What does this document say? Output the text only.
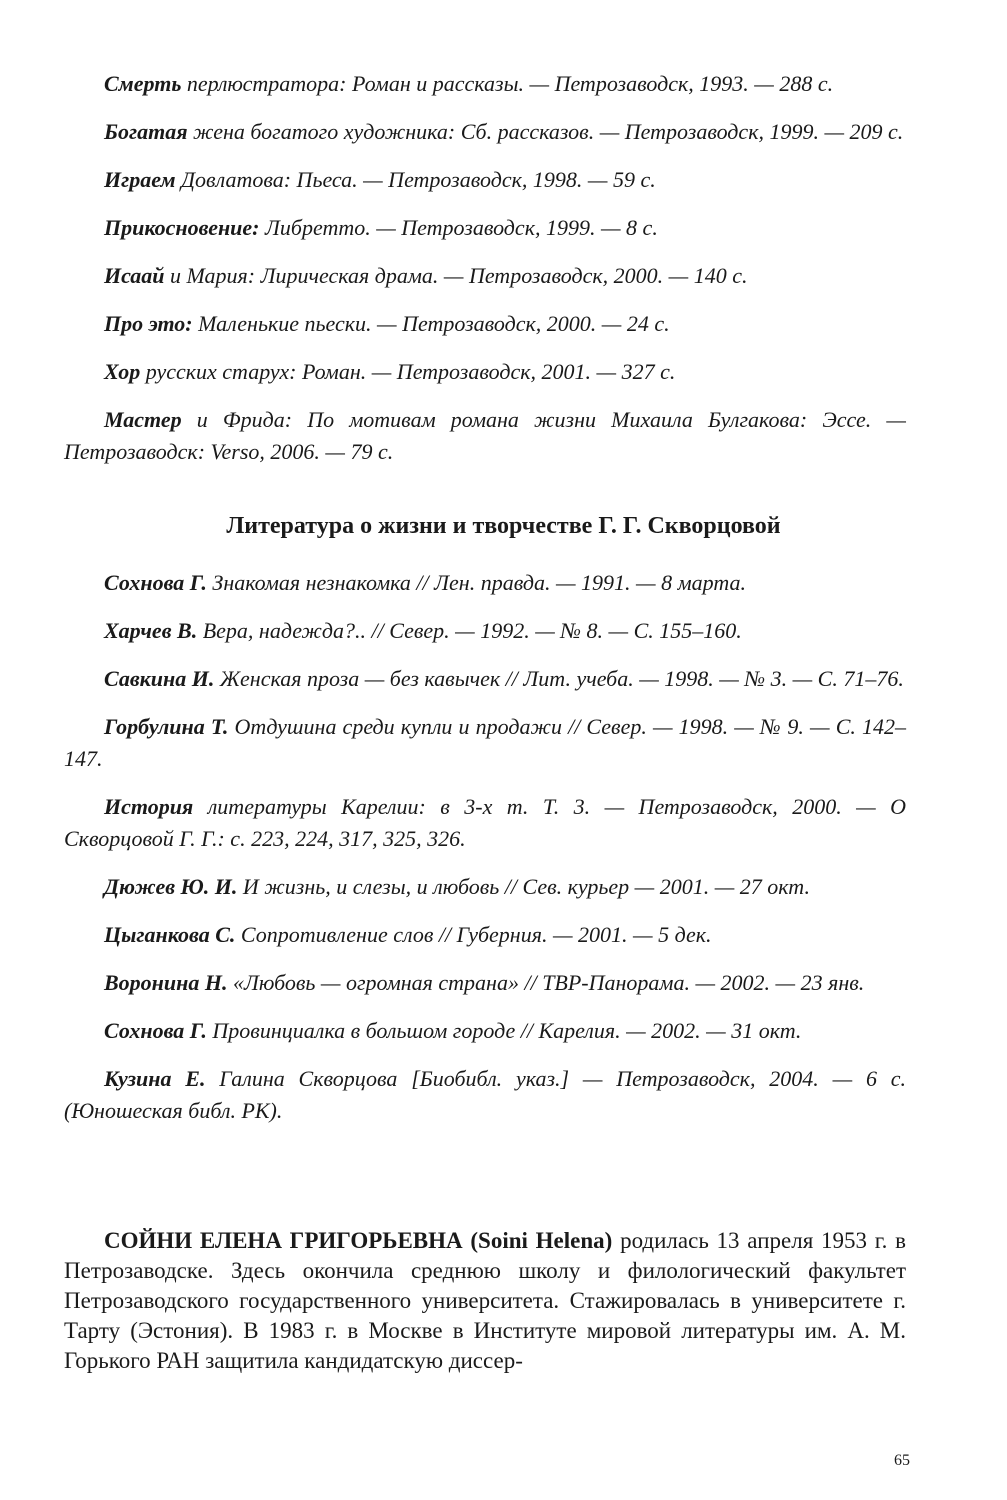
Смерть перлюстратора: Роман и рассказы. — Петрозаводск, 1993. — 288 с.

Богатая жена богатого художника: Сб. рассказов. — Петрозаводск, 1999. — 209 с.

Играем Довлатова: Пьеса. — Петрозаводск, 1998. — 59 с.

Прикосновение: Либретто. — Петрозаводск, 1999. — 8 с.

Исаай и Мария: Лирическая драма. — Петрозаводск, 2000. — 140 с.

Про это: Маленькие пьески. — Петрозаводск, 2000. — 24 с.

Хор русских старух: Роман. — Петрозаводск, 2001. — 327 с.

Мастер и Фрида: По мотивам романа жизни Михаила Булгакова: Эссе. — Петрозаводск: Verso, 2006. — 79 с.

Литература о жизни и творчестве Г. Г. Скворцовой

Сохнова Г. Знакомая незнакомка // Лен. правда. — 1991. — 8 марта.

Харчев В. Вера, надежда?.. // Север. — 1992. — № 8. — С. 155–160.

Савкина И. Женская проза — без кавычек // Лит. учеба. — 1998. — № 3. — С. 71–76.

Горбулина Т. Отдушина среди купли и продажи // Север. — 1998. — № 9. — С. 142–147.

История литературы Карелии: в 3-х т. Т. 3. — Петрозаводск, 2000. — О Скворцовой Г. Г.: с. 223, 224, 317, 325, 326.

Дюжев Ю. И. И жизнь, и слезы, и любовь // Сев. курьер — 2001. — 27 окт.

Цыганкова С. Сопротивление слов // Губерния. — 2001. — 5 дек.

Воронина Н. «Любовь — огромная страна» // ТВР-Панорама. — 2002. — 23 янв.

Сохнова Г. Провинциалка в большом городе // Карелия. — 2002. — 31 окт.

Кузина Е. Галина Скворцова [Биобибл. указ.] — Петрозаводск, 2004. — 6 с. (Юношеская библ. РК).

СОЙНИ ЕЛЕНА ГРИГОРЬЕВНА (Soini Helena) родилась 13 апреля 1953 г. в Петрозаводске. Здесь окончила среднюю школу и филологический факультет Петрозаводского государственного университета. Стажировалась в университете г. Тарту (Эстония). В 1983 г. в Москве в Институте мировой литературы им. А. М. Горького РАН защитила кандидатскую диссер-

65
